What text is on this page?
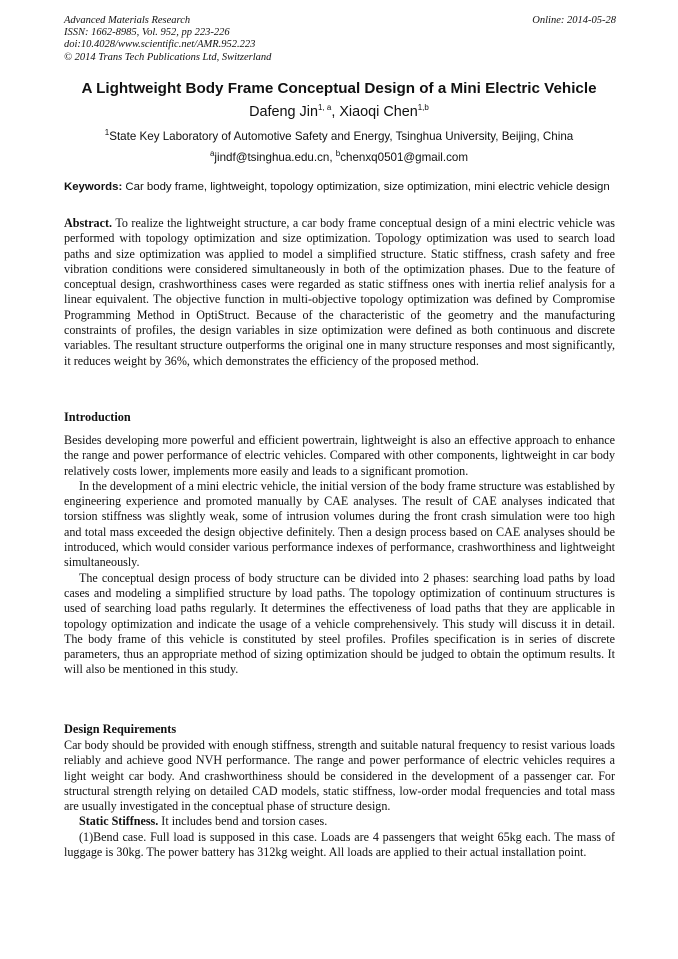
Advanced Materials Research
ISSN: 1662-8985, Vol. 952, pp 223-226
doi:10.4028/www.scientific.net/AMR.952.223
© 2014 Trans Tech Publications Ltd, Switzerland
Online: 2014-05-28
A Lightweight Body Frame Conceptual Design of a Mini Electric Vehicle
Dafeng Jin$^{1, a}$, Xiaoqi Chen$^{1,b}$
$^1$State Key Laboratory of Automotive Safety and Energy, Tsinghua University, Beijing, China
$^a$jindf@tsinghua.edu.cn, $^b$chenxq0501@gmail.com
Keywords: Car body frame, lightweight, topology optimization, size optimization, mini electric vehicle design

Abstract. To realize the lightweight structure, a car body frame conceptual design of a mini electric vehicle was performed with topology optimization and size optimization. Topology optimization was used to search load paths and size optimization was applied to model a simplified structure. Static stiffness, crash safety and free vibration conditions were considered simultaneously in both of the optimization phases. Due to the feature of conceptual design, crashworthiness cases were regarded as static stiffness ones with inertia relief analysis for a linear equivalent. The objective function in multi-objective topology optimization was defined by Compromise Programming Method in OptiStruct. Because of the characteristic of the geometry and the manufacturing constraints of profiles, the design variables in size optimization were defined as both continuous and discrete variables. The resultant structure outperforms the original one in many structure responses and most significantly, it reduces weight by 36%, which demonstrates the efficiency of the proposed method.

Introduction

Besides developing more powerful and efficient powertrain, lightweight is also an effective approach to enhance the range and power performance of electric vehicles. Compared with other components, lightweight in car body relatively costs lower, implements more easily and leads to a significant promotion.

In the development of a mini electric vehicle, the initial version of the body frame structure was established by engineering experience and promoted manually by CAE analyses. The result of CAE analyses indicated that torsion stiffness was slightly weak, some of intrusion volumes during the front crash simulation were too high and total mass exceeded the design objective definitely. Then a design process based on CAE analyses should be introduced, which would consider various performance indexes of performance, crashworthiness and lightweight simultaneously.

The conceptual design process of body structure can be divided into 2 phases: searching load paths by load cases and modeling a simplified structure by load paths. The topology optimization of continuum structures is used of searching load paths regularly. It determines the effectiveness of load paths that they are applicable in topology optimization and indicate the usage of a vehicle comprehensively. This study will discuss it in detail. The body frame of this vehicle is constituted by steel profiles. Profiles specification is in series of discrete parameters, thus an appropriate method of sizing optimization should be judged to obtain the optimum results. It will also be mentioned in this study.

Design Requirements

Car body should be provided with enough stiffness, strength and suitable natural frequency to resist various loads reliably and achieve good NVH performance. The range and power performance of electric vehicles requires a light weight car body. And crashworthiness should be considered in the development of a passenger car. For structural strength relying on detailed CAD models, static stiffness, low-order modal frequencies and total mass are usually investigated in the conceptual phase of structure design.

Static Stiffness. It includes bend and torsion cases.

(1)Bend case. Full load is supposed in this case. Loads are 4 passengers that weight 65kg each. The mass of luggage is 30kg. The power battery has 312kg weight. All loads are applied to their actual installation point.
